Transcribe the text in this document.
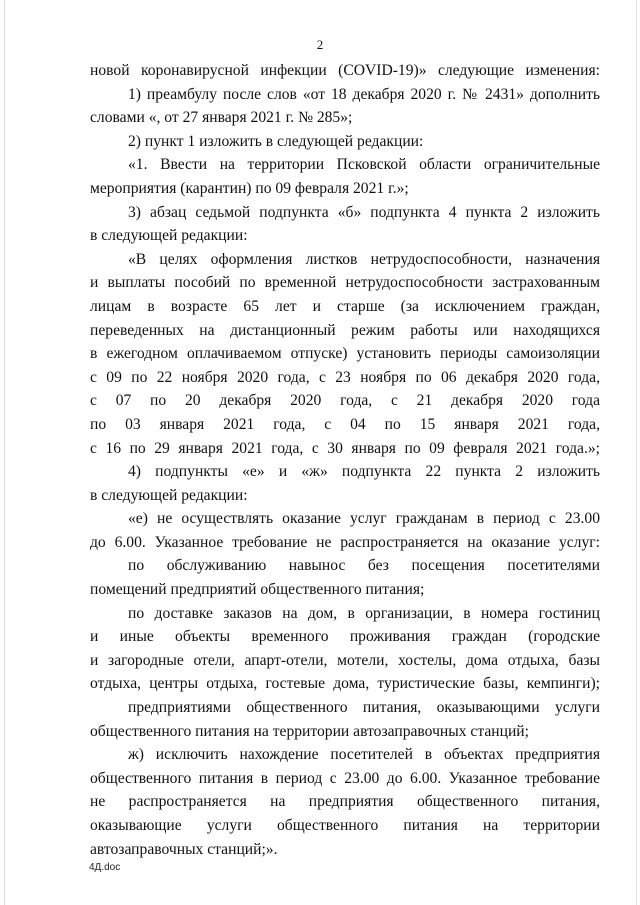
2
новой коронавирусной инфекции (COVID-19)» следующие изменения:
1) преамбулу после слов «от 18 декабря 2020 г. № 2431» дополнить
словами «, от 27 января 2021 г. № 285»;
2) пункт 1 изложить в следующей редакции:
«1. Ввести на территории Псковской области ограничительные
мероприятия (карантин) по 09 февраля 2021 г.»;
3) абзац седьмой подпункта «б» подпункта 4 пункта 2 изложить
в следующей редакции:
«В целях оформления листков нетрудоспособности, назначения
и выплаты пособий по временной нетрудоспособности застрахованным
лицам в возрасте 65 лет и старше (за исключением граждан,
переведенных на дистанционный режим работы или находящихся
в ежегодном оплачиваемом отпуске) установить периоды самоизоляции
с 09 по 22 ноября 2020 года, с 23 ноября по 06 декабря 2020 года,
с 07 по 20 декабря 2020 года, с 21 декабря 2020 года
по 03 января 2021 года, с 04 по 15 января 2021 года,
с 16 по 29 января 2021 года, с 30 января по 09 февраля 2021 года.»;
4) подпункты «е» и «ж» подпункта 22 пункта 2 изложить
в следующей редакции:
«е) не осуществлять оказание услуг гражданам в период с 23.00
до 6.00. Указанное требование не распространяется на оказание услуг:
по обслуживанию навынос без посещения посетителями
помещений предприятий общественного питания;
по доставке заказов на дом, в организации, в номера гостиниц
и иные объекты временного проживания граждан (городские
и загородные отели, апарт-отели, мотели, хостелы, дома отдыха, базы
отдыха, центры отдыха, гостевые дома, туристические базы, кемпинги);
предприятиями общественного питания, оказывающими услуги
общественного питания на территории автозаправочных станций;
ж) исключить нахождение посетителей в объектах предприятия
общественного питания в период с 23.00 до 6.00. Указанное требование
не распространяется на предприятия общественного питания,
оказывающие услуги общественного питания на территории
автозаправочных станций;».
4Д.doc
